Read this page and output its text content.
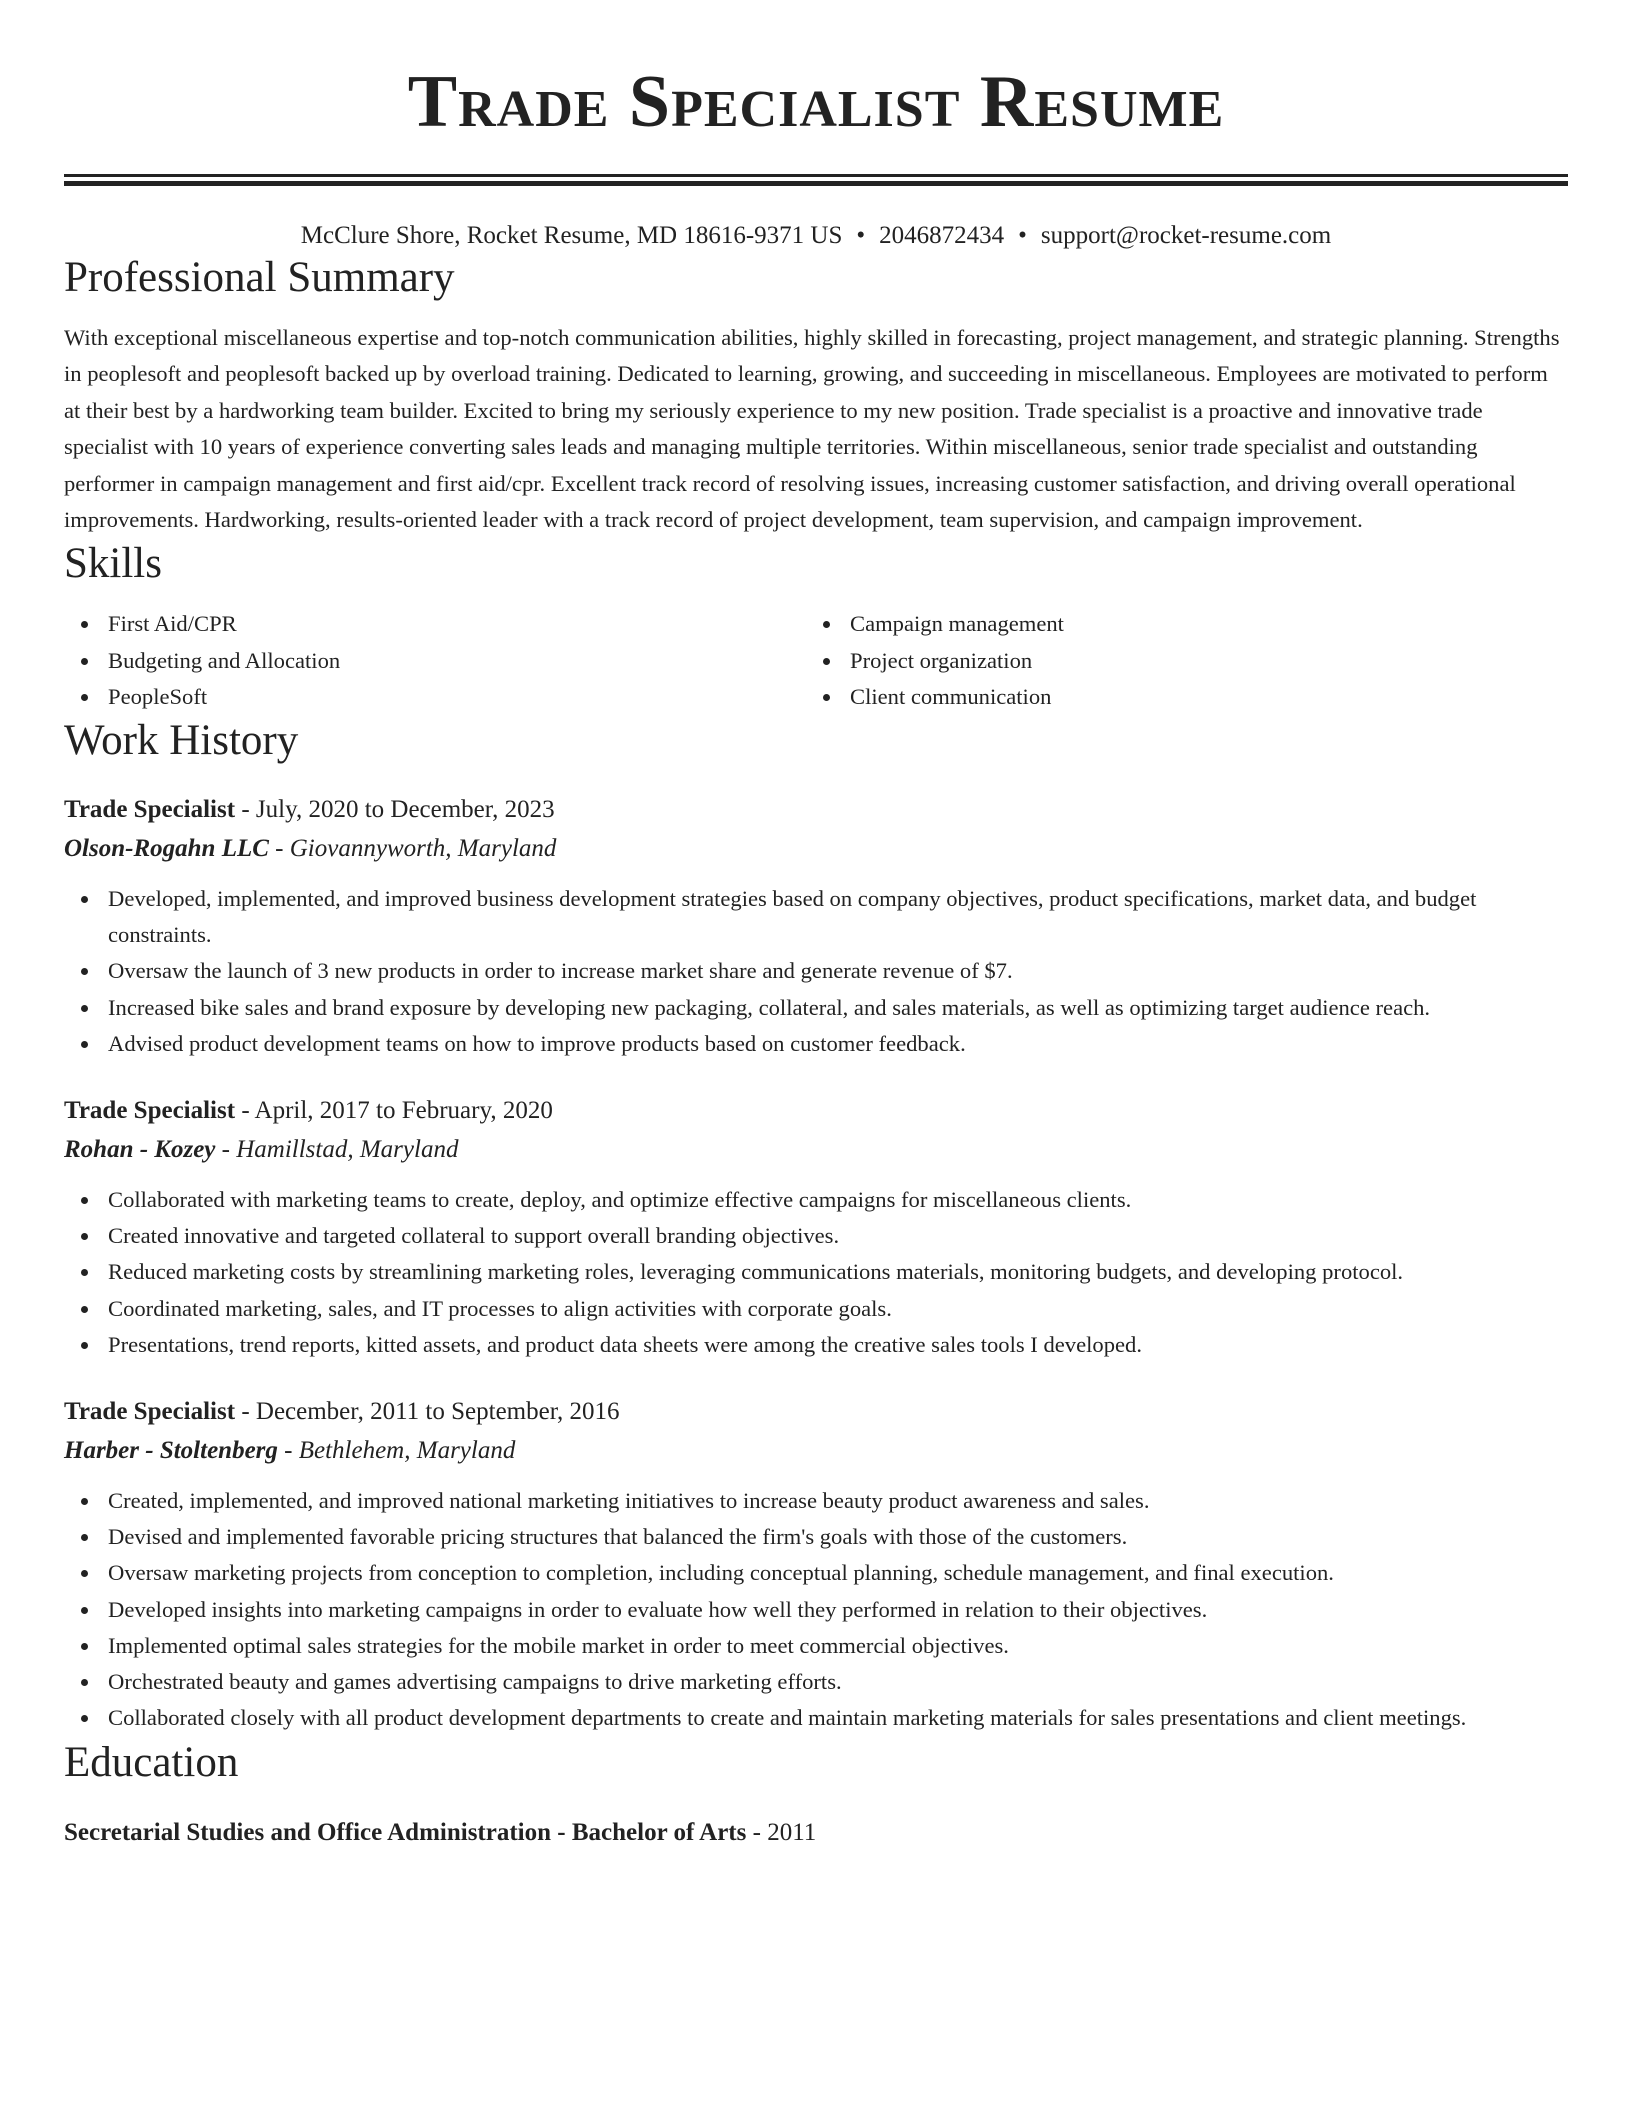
Trade Specialist Resume
McClure Shore, Rocket Resume, MD 18616-9371 US • 2046872434 • support@rocket-resume.com
Professional Summary

With exceptional miscellaneous expertise and top-notch communication abilities, highly skilled in forecasting, project management, and strategic planning. Strengths in peoplesoft and peoplesoft backed up by overload training. Dedicated to learning, growing, and succeeding in miscellaneous. Employees are motivated to perform at their best by a hardworking team builder. Excited to bring my seriously experience to my new position. Trade specialist is a proactive and innovative trade specialist with 10 years of experience converting sales leads and managing multiple territories. Within miscellaneous, senior trade specialist and outstanding performer in campaign management and first aid/cpr. Excellent track record of resolving issues, increasing customer satisfaction, and driving overall operational improvements. Hardworking, results-oriented leader with a track record of project development, team supervision, and campaign improvement.

Skills
First Aid/CPR
Budgeting and Allocation
PeopleSoft
Campaign management
Project organization
Client communication
Work History
Trade Specialist - July, 2020 to December, 2023
Olson-Rogahn LLC - Giovannyworth, Maryland
Developed, implemented, and improved business development strategies based on company objectives, product specifications, market data, and budget constraints.
Oversaw the launch of 3 new products in order to increase market share and generate revenue of $7.
Increased bike sales and brand exposure by developing new packaging, collateral, and sales materials, as well as optimizing target audience reach.
Advised product development teams on how to improve products based on customer feedback.
Trade Specialist - April, 2017 to February, 2020
Rohan - Kozey - Hamillstad, Maryland
Collaborated with marketing teams to create, deploy, and optimize effective campaigns for miscellaneous clients.
Created innovative and targeted collateral to support overall branding objectives.
Reduced marketing costs by streamlining marketing roles, leveraging communications materials, monitoring budgets, and developing protocol.
Coordinated marketing, sales, and IT processes to align activities with corporate goals.
Presentations, trend reports, kitted assets, and product data sheets were among the creative sales tools I developed.
Trade Specialist - December, 2011 to September, 2016
Harber - Stoltenberg - Bethlehem, Maryland
Created, implemented, and improved national marketing initiatives to increase beauty product awareness and sales.
Devised and implemented favorable pricing structures that balanced the firm's goals with those of the customers.
Oversaw marketing projects from conception to completion, including conceptual planning, schedule management, and final execution.
Developed insights into marketing campaigns in order to evaluate how well they performed in relation to their objectives.
Implemented optimal sales strategies for the mobile market in order to meet commercial objectives.
Orchestrated beauty and games advertising campaigns to drive marketing efforts.
Collaborated closely with all product development departments to create and maintain marketing materials for sales presentations and client meetings.
Education
Secretarial Studies and Office Administration - Bachelor of Arts - 2011
